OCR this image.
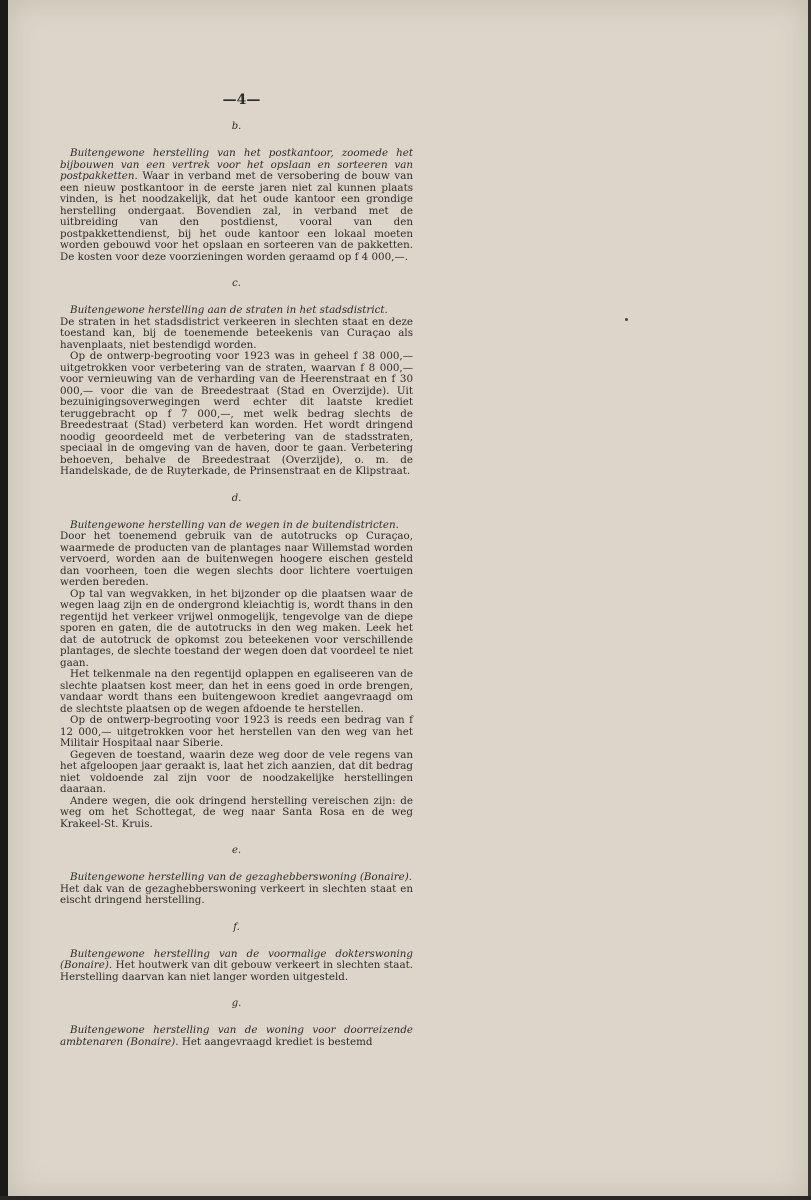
—4—
b.

Buitengewone herstelling van het postkantoor, zoomede het bijbouwen van een vertrek voor het opslaan en sorteeren van postpakketten. Waar in verband met de versobering de bouw van een nieuw postkantoor in de eerste jaren niet zal kunnen plaats vinden, is het noodzakelijk, dat het oude kantoor een grondige herstelling ondergaat. Bovendien zal, in verband met de uitbreiding van den postdienst, vooral van den postpakkettendienst, bij het oude kantoor een lokaal moeten worden gebouwd voor het opslaan en sorteeren van de pakketten. De kosten voor deze voorzieningen worden geraamd op f 4 000,—.

c.

Buitengewone herstelling aan de straten in het stadsdistrict.

De straten in het stadsdistrict verkeeren in slechten staat en deze toestand kan, bij de toenemende beteekenis van Curaçao als havenplaats, niet bestendigd worden.

Op de ontwerp-begrooting voor 1923 was in geheel f 38 000,— uitgetrokken voor verbetering van de straten, waarvan f 8 000,— voor vernieuwing van de verharding van de Heerenstraat en f 30 000,— voor die van de Breedestraat (Stad en Overzijde). Uit bezuinigingsoverwegingen werd echter dit laatste krediet teruggebracht op f 7 000,—, met welk bedrag slechts de Breedestraat (Stad) verbeterd kan worden. Het wordt dringend noodig geoordeeld met de verbetering van de stadsstraten, speciaal in de omgeving van de haven, door te gaan. Verbetering behoeven, behalve de Breedestraat (Overzijde), o. m. de Handelskade, de de Ruyterkade, de Prinsenstraat en de Klipstraat.

d.

Buitengewone herstelling van de wegen in de buitendistricten.

Door het toenemend gebruik van de autotrucks op Curaçao, waarmede de producten van de plantages naar Willemstad worden vervoerd, worden aan de buitenwegen hoogere eischen gesteld dan voorheen, toen die wegen slechts door lichtere voertuigen werden bereden.

Op tal van wegvakken, in het bijzonder op die plaatsen waar de wegen laag zijn en de ondergrond kleiachtig is, wordt thans in den regentijd het verkeer vrijwel onmogelijk, tengevolge van de diepe sporen en gaten, die de autotrucks in den weg maken. Leek het dat de autotruck de opkomst zou beteekenen voor verschillende plantages, de slechte toestand der wegen doen dat voordeel te niet gaan.

Het telkenmale na den regentijd oplappen en egaliseeren van de slechte plaatsen kost meer, dan het in eens goed in orde brengen, vandaar wordt thans een buitengewoon krediet aangevraagd om de slechtste plaatsen op de wegen afdoende te herstellen.

Op de ontwerp-begrooting voor 1923 is reeds een bedrag van f 12 000,— uitgetrokken voor het herstellen van den weg van het Militair Hospitaal naar Siberie.

Gegeven de toestand, waarin deze weg door de vele regens van het afgeloopen jaar geraakt is, laat het zich aanzien, dat dit bedrag niet voldoende zal zijn voor de noodzakelijke herstellingen daaraan.

Andere wegen, die ook dringend herstelling vereischen zijn: de weg om het Schottegat, de weg naar Santa Rosa en de weg Krakeel-St. Kruis.

e.

Buitengewone herstelling van de gezaghebberswoning (Bonaire).

Het dak van de gezaghebberswoning verkeert in slechten staat en eischt dringend herstelling.

f.

Buitengewone herstelling van de voormalige dokterswoning (Bonaire). Het houtwerk van dit gebouw verkeert in slechten staat. Herstelling daarvan kan niet langer worden uitgesteld.

g.

Buitengewone herstelling van de woning voor doorreizende ambtenaren (Bonaire). Het aangevraagd krediet is bestemd
